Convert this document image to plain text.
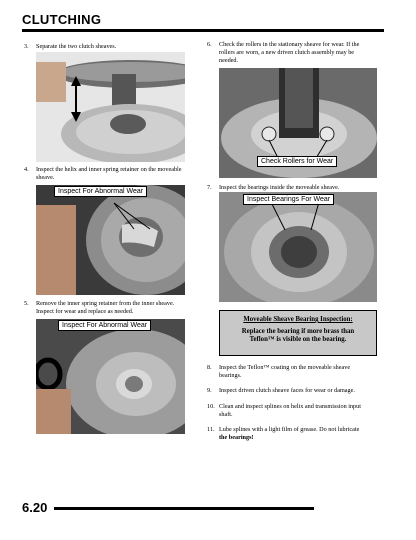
CLUTCHING
3. Separate the two clutch sheaves.
4. Inspect the helix and inner spring retainer on the moveable
sheave.
Inspect For Abnormal Wear
5. Remove the inner spring retainer from the inner sheave.
Inspect for wear and replace as needed.
Inspect For Abnormal Wear
6. Check the rollers in the stationary sheave for wear. If the
rollers are worn, a new driven clutch assembly may be
needed.
Check Rollers for Wear
7. Inspect the bearings inside the moveable sheave.
Inspect Bearings For Wear
Moveable Sheave Bearing Inspection:
Replace the bearing if more brass than
Teflon™ is visible on the bearing.
8. Inspect the Teflon™ coating on the moveable sheave
bearings.
9. Inspect driven clutch sheave faces for wear or damage.
10. Clean and inspect splines on helix and transmission input
shaft.
11. Lube splines with a light film of grease. Do not lubricate
the bearings!
6.20
